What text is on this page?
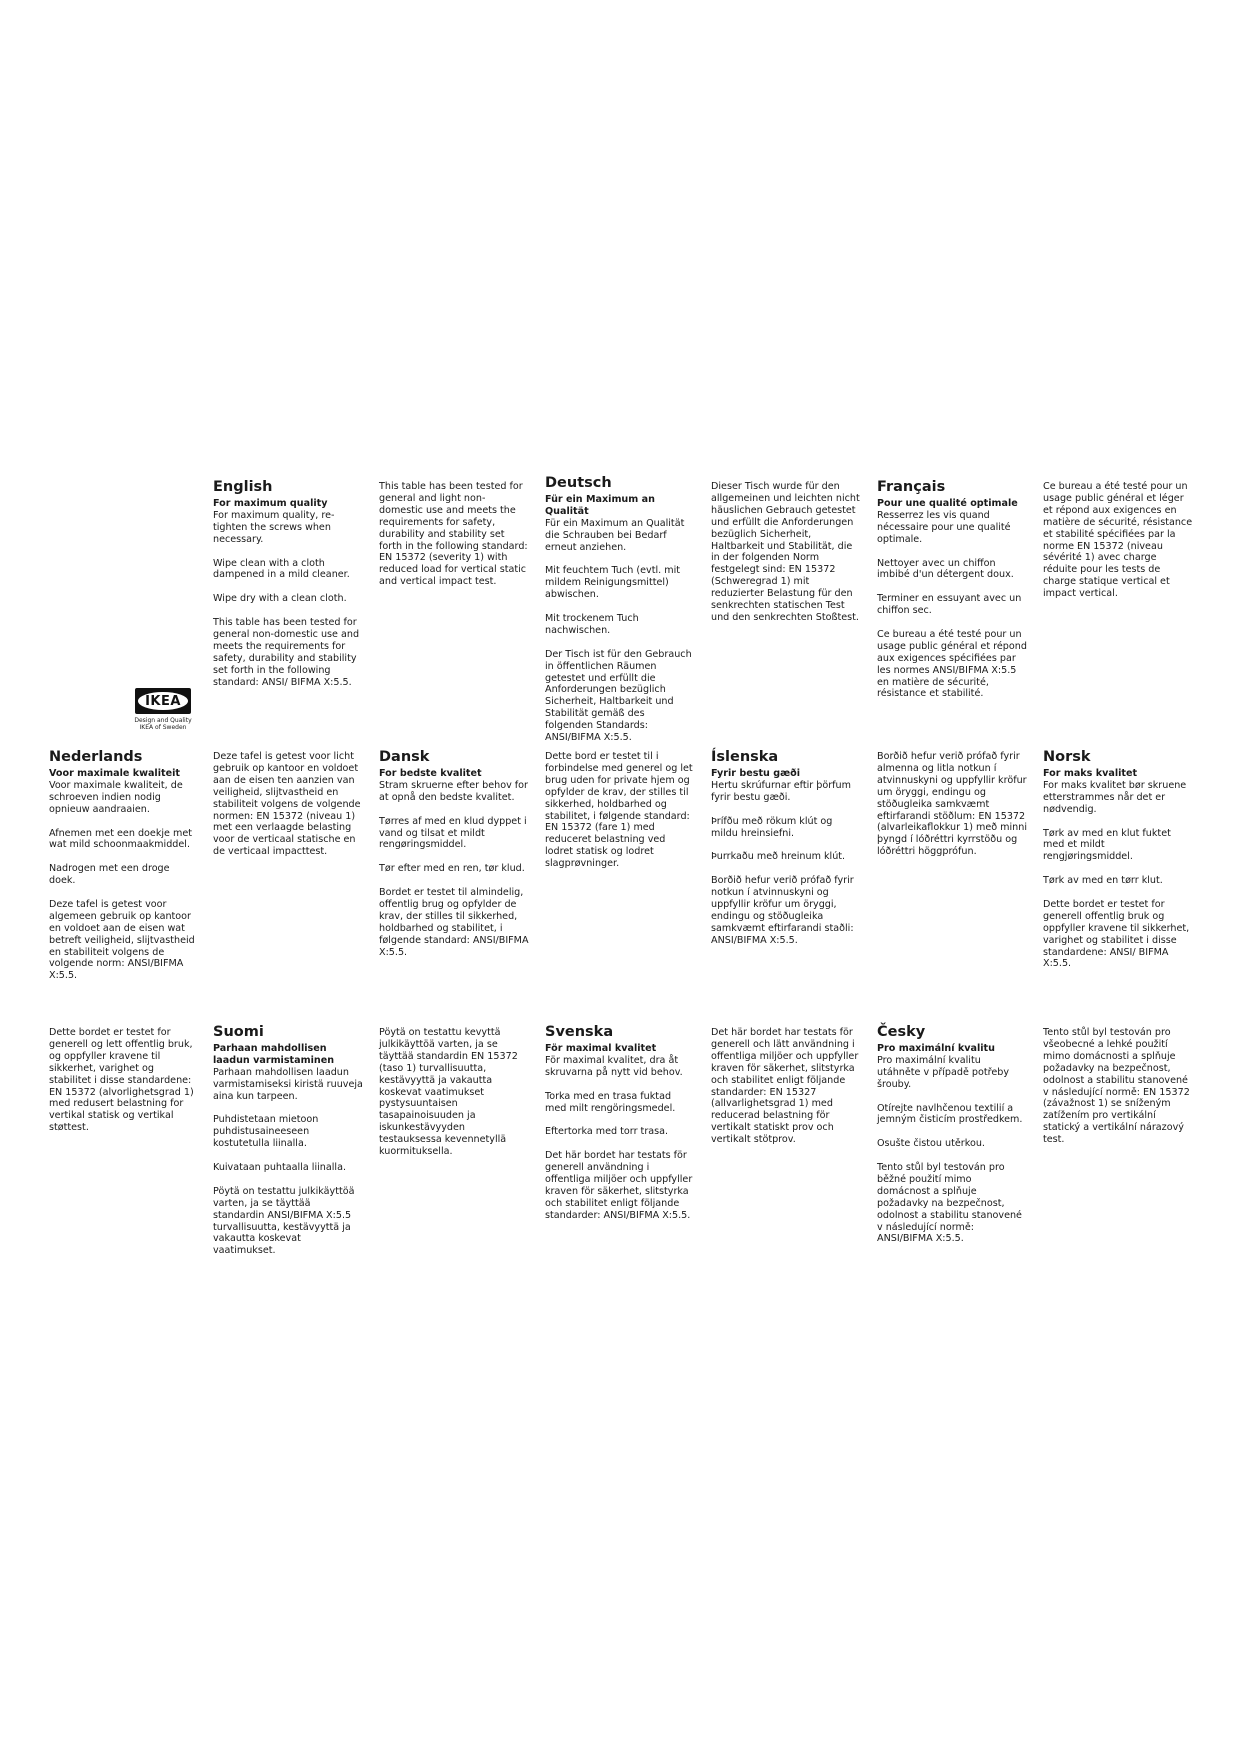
English
For maximum quality

For maximum quality, re-tighten the screws when necessary.

Wipe clean with a cloth dampened in a mild cleaner.

Wipe dry with a clean cloth.

This table has been tested for general non-domestic use and meets the requirements for safety, durability and stability set forth in the following standard: ANSI/ BIFMA X:5.5.

This table has been tested for general and light non-domestic use and meets the requirements for safety, durability and stability set forth in the following standard: EN 15372 (severity 1) with reduced load for vertical static and vertical impact test.

Deutsch
Für ein Maximum an Qualität

Für ein Maximum an Qualität die Schrauben bei Bedarf erneut anziehen.

Mit feuchtem Tuch (evtl. mit mildem Reinigungsmittel) abwischen.

Mit trockenem Tuch nachwischen.

Der Tisch ist für den Gebrauch in öffentlichen Räumen getestet und erfüllt die Anforderungen bezüglich Sicherheit, Haltbarkeit und Stabilität gemäß des folgenden Standards: ANSI/BIFMA X:5.5.

Dieser Tisch wurde für den allgemeinen und leichten nicht häuslichen Gebrauch getestet und erfüllt die Anforderungen bezüglich Sicherheit, Haltbarkeit und Stabilität, die in der folgenden Norm festgelegt sind: EN 15372 (Schweregrad 1) mit reduzierter Belastung für den senkrechten statischen Test und den senkrechten Stoßtest.

Français
Pour une qualité optimale

Resserrez les vis quand nécessaire pour une qualité optimale.

Nettoyer avec un chiffon imbibé d'un détergent doux.

Terminer en essuyant avec un chiffon sec.

Ce bureau a été testé pour un usage public général et répond aux exigences spécifiées par les normes ANSI/BIFMA X:5.5 en matière de sécurité, résistance et stabilité.

Ce bureau a été testé pour un usage public général et léger et répond aux exigences en matière de sécurité, résistance et stabilité spécifiées par la norme EN 15372 (niveau sévérité 1) avec charge réduite pour les tests de charge statique vertical et impact vertical.

IKEA
Design and Quality
IKEA of Sweden
Nederlands
Voor maximale kwaliteit

Voor maximale kwaliteit, de schroeven indien nodig opnieuw aandraaien.

Afnemen met een doekje met wat mild schoonmaakmiddel.

Nadrogen met een droge doek.

Deze tafel is getest voor algemeen gebruik op kantoor en voldoet aan de eisen wat betreft veiligheid, slijtvastheid en stabiliteit volgens de volgende norm: ANSI/BIFMA X:5.5.

Deze tafel is getest voor licht gebruik op kantoor en voldoet aan de eisen ten aanzien van veiligheid, slijtvastheid en stabiliteit volgens de volgende normen: EN 15372 (niveau 1) met een verlaagde belasting voor de verticaal statische en de verticaal impacttest.

Dansk
For bedste kvalitet

Stram skruerne efter behov for at opnå den bedste kvalitet.

Tørres af med en klud dyppet i vand og tilsat et mildt rengøringsmiddel.

Tør efter med en ren, tør klud.

Bordet er testet til almindelig, offentlig brug og opfylder de krav, der stilles til sikkerhed, holdbarhed og stabilitet, i følgende standard: ANSI/BIFMA X:5.5.

Dette bord er testet til i forbindelse med generel og let brug uden for private hjem og opfylder de krav, der stilles til sikkerhed, holdbarhed og stabilitet, i følgende standard: EN 15372 (fare 1) med reduceret belastning ved lodret statisk og lodret slagprøvninger.

Íslenska
Fyrir bestu gæði

Hertu skrúfurnar eftir þörfum fyrir bestu gæði.

Þrífðu með rökum klút og mildu hreinsiefni.

Þurrkaðu með hreinum klút.

Borðið hefur verið prófað fyrir notkun í atvinnuskyni og uppfyllir kröfur um öryggi, endingu og stöðugleika samkvæmt eftirfarandi staðli: ANSI/BIFMA X:5.5.

Borðið hefur verið prófað fyrir almenna og litla notkun í atvinnuskyni og uppfyllir kröfur um öryggi, endingu og stöðugleika samkvæmt eftirfarandi stöðlum: EN 15372 (alvarleikaflokkur 1) með minni þyngd í lóðréttri kyrrstöðu og lóðréttri höggprófun.

Norsk
For maks kvalitet

For maks kvalitet bør skruene etterstrammes når det er nødvendig.

Tørk av med en klut fuktet med et mildt rengjøringsmiddel.

Tørk av med en tørr klut.

Dette bordet er testet for generell offentlig bruk og oppfyller kravene til sikkerhet, varighet og stabilitet i disse standardene: ANSI/ BIFMA X:5.5.

Dette bordet er testet for generell og lett offentlig bruk, og oppfyller kravene til sikkerhet, varighet og stabilitet i disse standardene: EN 15372 (alvorlighetsgrad 1) med redusert belastning for vertikal statisk og vertikal støttest.

Suomi
Parhaan mahdollisen laadun varmistaminen

Parhaan mahdollisen laadun varmistamiseksi kiristä ruuveja aina kun tarpeen.

Puhdistetaan mietoon puhdistusaineeseen kostutetulla liinalla.

Kuivataan puhtaalla liinalla.

Pöytä on testattu julkikäyttöä varten, ja se täyttää standardin ANSI/BIFMA X:5.5 turvallisuutta, kestävyyttä ja vakautta koskevat vaatimukset.

Pöytä on testattu kevyttä julkikäyttöä varten, ja se täyttää standardin EN 15372 (taso 1) turvallisuutta, kestävyyttä ja vakautta koskevat vaatimukset pystysuuntaisen tasapainoisuuden ja iskunkestävyyden testauksessa kevennetyllä kuormituksella.

Svenska
För maximal kvalitet

För maximal kvalitet, dra åt skruvarna på nytt vid behov.

Torka med en trasa fuktad med milt rengöringsmedel.

Eftertorka med torr trasa.

Det här bordet har testats för generell användning i offentliga miljöer och uppfyller kraven för säkerhet, slitstyrka och stabilitet enligt följande standarder: ANSI/BIFMA X:5.5.

Det här bordet har testats för generell och lätt användning i offentliga miljöer och uppfyller kraven för säkerhet, slitstyrka och stabilitet enligt följande standarder: EN 15327 (allvarlighetsgrad 1) med reducerad belastning för vertikalt statiskt prov och vertikalt stötprov.

Česky
Pro maximální kvalitu

Pro maximální kvalitu utáhněte v případě potřeby šrouby.

Otírejte navlhčenou textilií a jemným čisticím prostředkem.

Osušte čistou utěrkou.

Tento stůl byl testován pro běžné použití mimo domácnost a splňuje požadavky na bezpečnost, odolnost a stabilitu stanovené v následující normě: ANSI/BIFMA X:5.5.

Tento stůl byl testován pro všeobecné a lehké použití mimo domácnosti a splňuje požadavky na bezpečnost, odolnost a stabilitu stanovené v následující normě: EN 15372 (závažnost 1) se sníženým zatížením pro vertikální statický a vertikální nárazový test.
